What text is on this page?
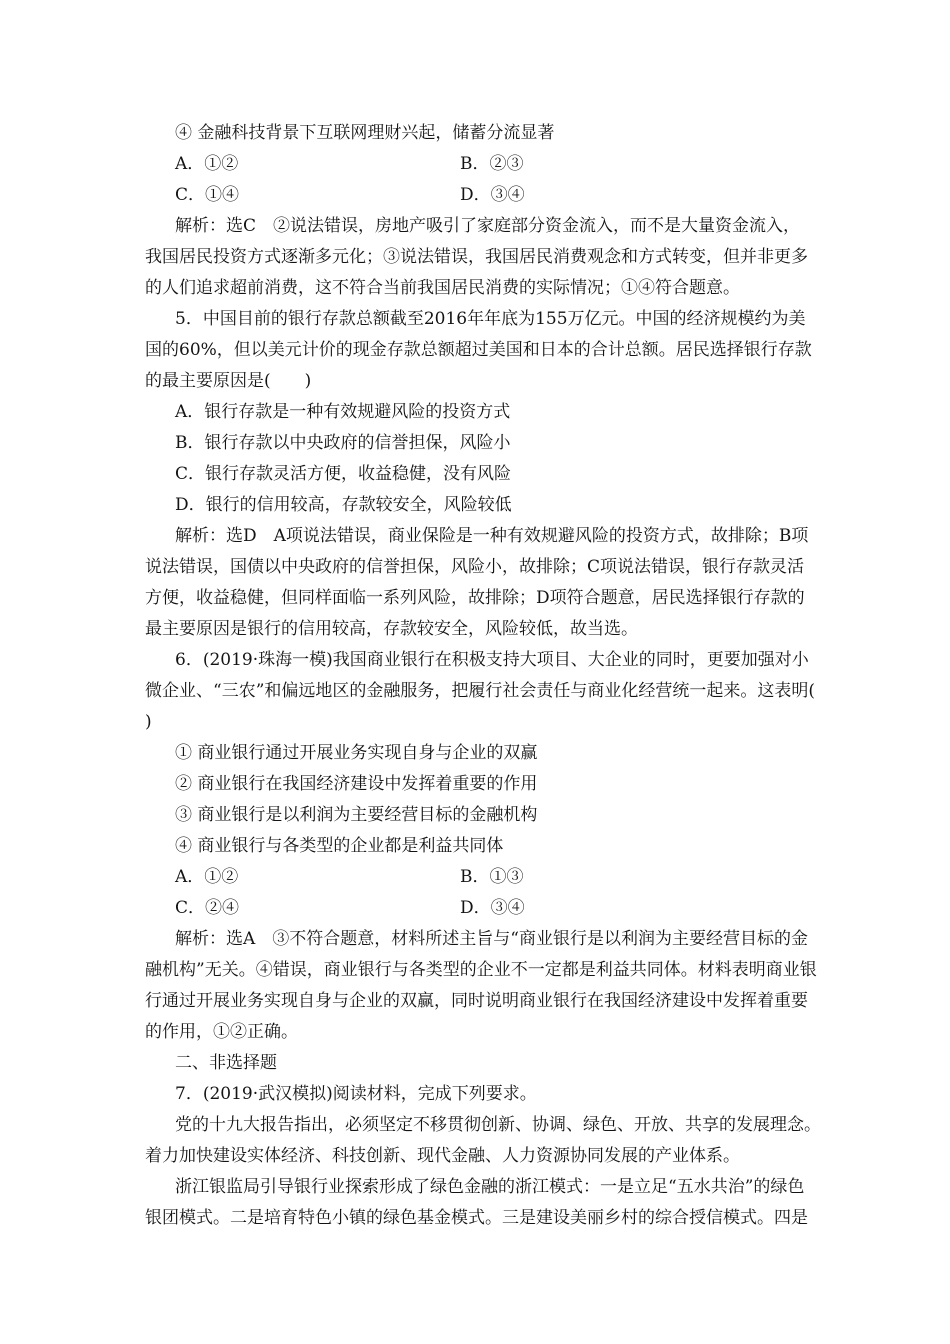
④ 金融科技背景下互联网理财兴起，储蓄分流显著
A．①②	B．②③
C．①④	D．③④
解析：选C　②说法错误，房地产吸引了家庭部分资金流入，而不是大量资金流入，
我国居民投资方式逐渐多元化；③说法错误，我国居民消费观念和方式转变，但并非更多
的人们追求超前消费，这不符合当前我国居民消费的实际情况；①④符合题意。
5．中国目前的银行存款总额截至2016年年底为155万亿元。中国的经济规模约为美
国的60%，但以美元计价的现金存款总额超过美国和日本的合计总额。居民选择银行存款
的最主要原因是(　　)
A．银行存款是一种有效规避风险的投资方式
B．银行存款以中央政府的信誉担保，风险小
C．银行存款灵活方便，收益稳健，没有风险
D．银行的信用较高，存款较安全，风险较低
解析：选D　A项说法错误，商业保险是一种有效规避风险的投资方式，故排除；B项
说法错误，国债以中央政府的信誉担保，风险小，故排除；C项说法错误，银行存款灵活
方便，收益稳健，但同样面临一系列风险，故排除；D项符合题意，居民选择银行存款的
最主要原因是银行的信用较高，存款较安全，风险较低，故当选。
6．(2019·珠海一模)我国商业银行在积极支持大项目、大企业的同时，更要加强对小
微企业、“三农”和偏远地区的金融服务，把履行社会责任与商业化经营统一起来。这表明(
)
① 商业银行通过开展业务实现自身与企业的双赢
② 商业银行在我国经济建设中发挥着重要的作用
③ 商业银行是以利润为主要经营目标的金融机构
④ 商业银行与各类型的企业都是利益共同体
A．①②	B．①③
C．②④	D．③④
解析：选A　③不符合题意，材料所述主旨与“商业银行是以利润为主要经营目标的金
融机构”无关。④错误，商业银行与各类型的企业不一定都是利益共同体。材料表明商业银
行通过开展业务实现自身与企业的双赢，同时说明商业银行在我国经济建设中发挥着重要
的作用，①②正确。
二、非选择题
7．(2019·武汉模拟)阅读材料，完成下列要求。
党的十九大报告指出，必须坚定不移贯彻创新、协调、绿色、开放、共享的发展理念。
着力加快建设实体经济、科技创新、现代金融、人力资源协同发展的产业体系。
浙江银监局引导银行业探索形成了绿色金融的浙江模式：一是立足“五水共治”的绿色
银团模式。二是培育特色小镇的绿色基金模式。三是建设美丽乡村的综合授信模式。四是
